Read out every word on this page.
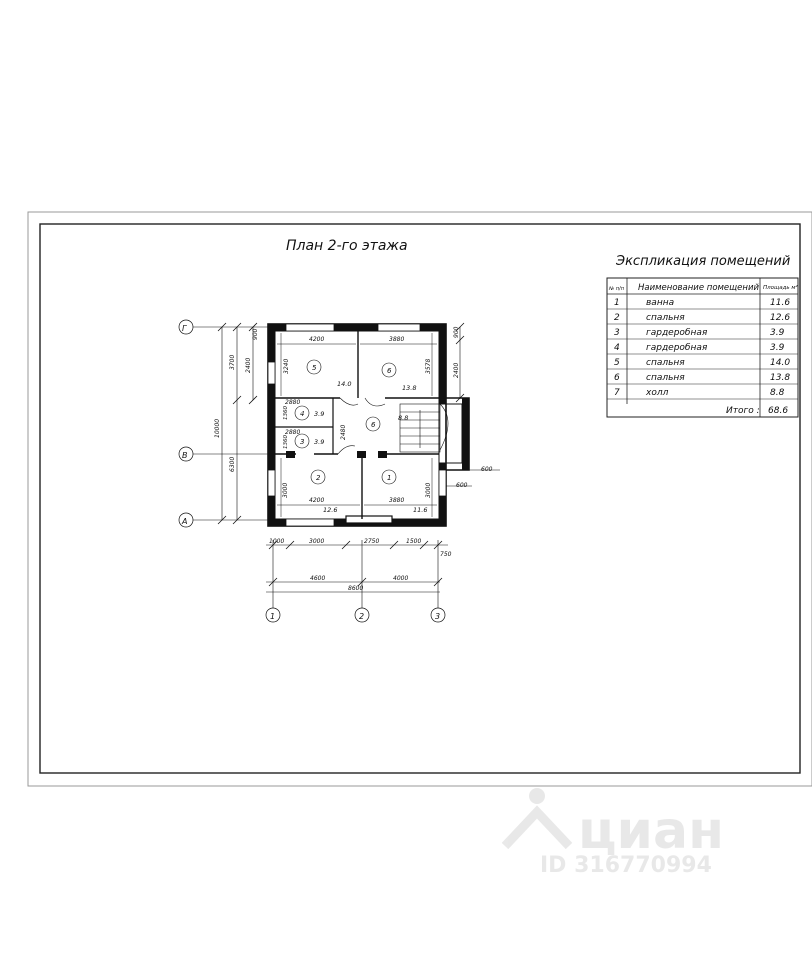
План 2-го этажа
Экспликация помещений
№ п/п Наименование помещений Площадь м²
1	ванна	11.6
2	спальня	12.6
3	гардеробная	3.9
4	гардеробная	3.9
5	спальня	14.0
6	спальня	13.8
7	холл	8.8
Итого : 68.6
Г
В
А
1	2	3
10000
3700
6300
2400
900
2400
600
600
900	4200	3880
3240	3578
2880
2880
1360
1360
2480
4200	3880
3000	3000
1000	3000	2750	1500
750
4600	4000
8600
5
14.0
6
13.8
4 3.9
3 3.9
6
8.8
2
12.6
1
11.6
циан
ID 316770994
